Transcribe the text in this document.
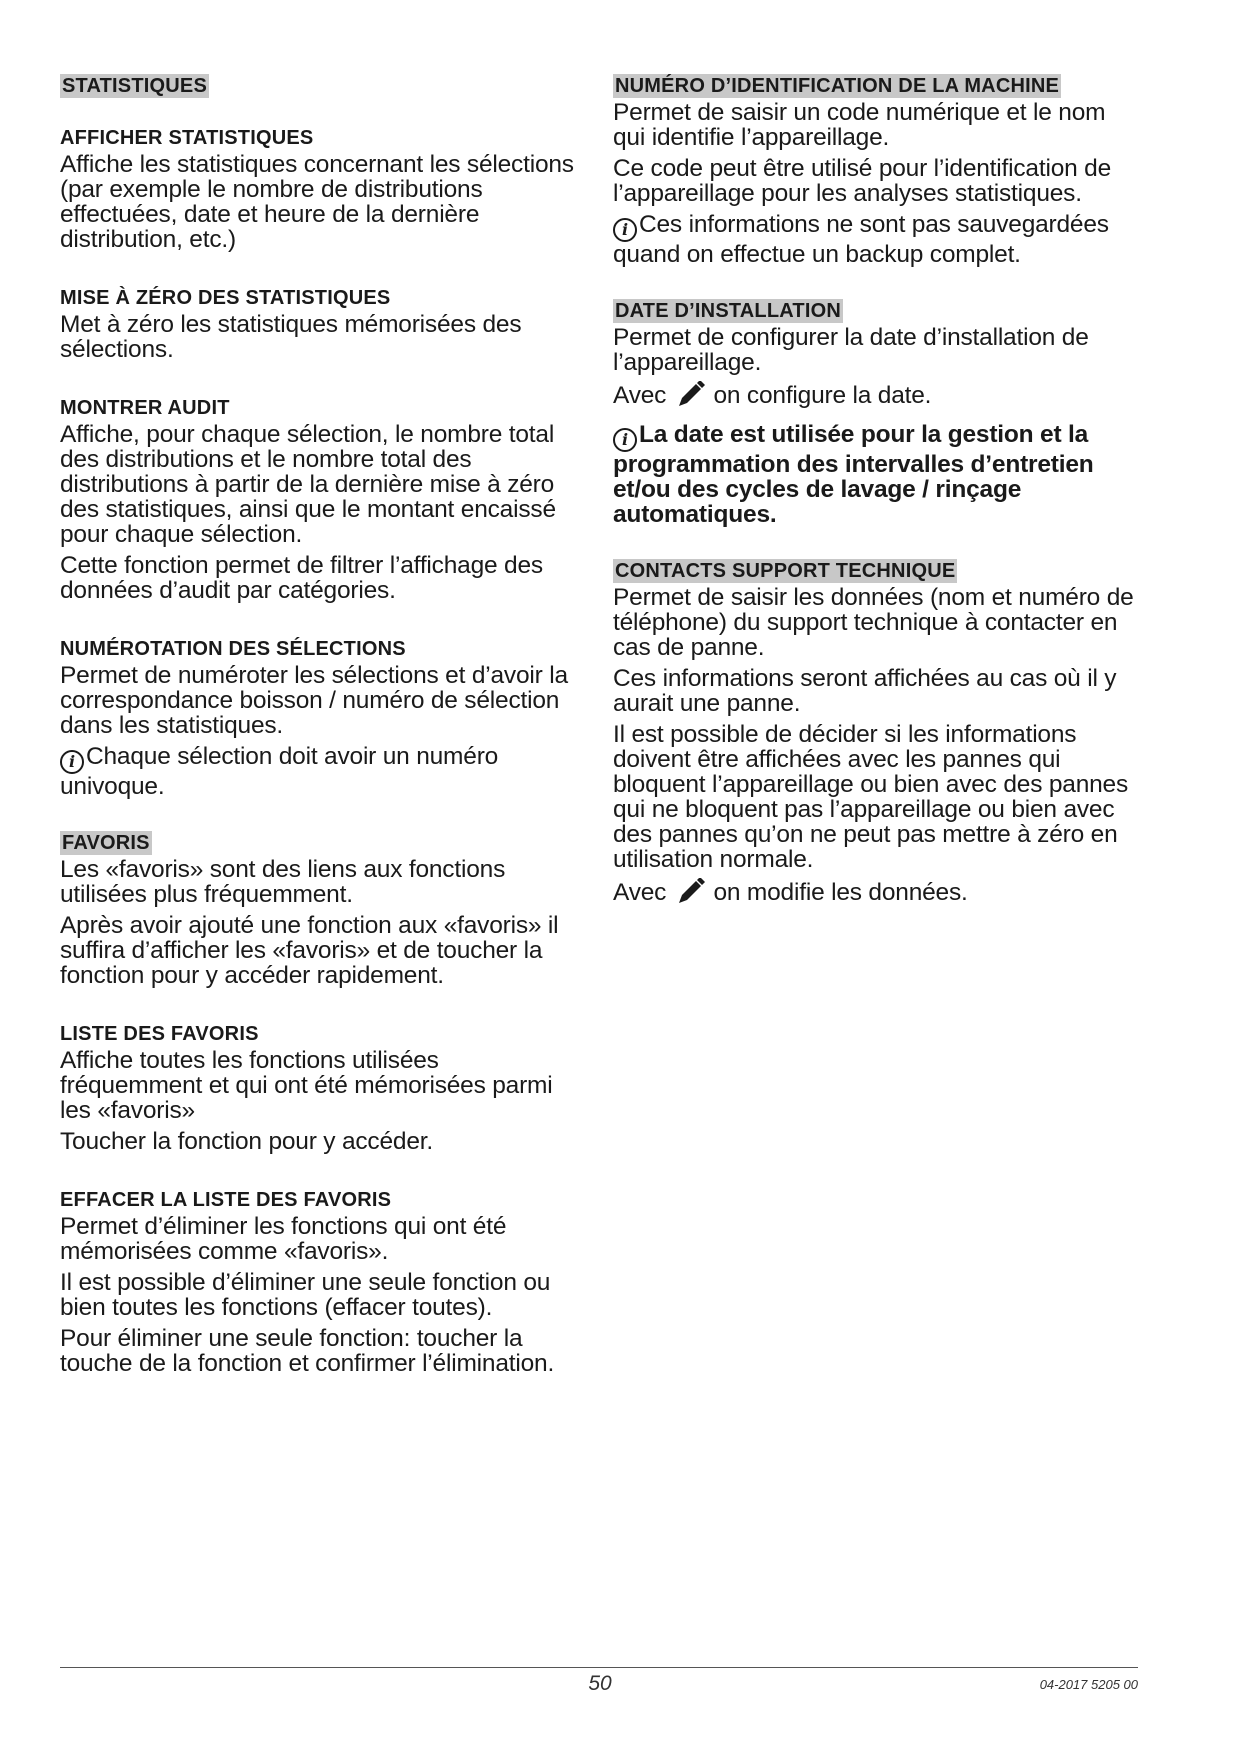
STATISTIQUES
AFFICHER STATISTIQUES

Affiche les statistiques concernant les sélections (par exemple le nombre de distributions effectuées, date et heure de la dernière distribution, etc.)

MISE À ZÉRO DES STATISTIQUES

Met à zéro les statistiques mémorisées des sélections.

MONTRER AUDIT

Affiche, pour chaque sélection, le nombre total des distributions et le nombre total des distributions à partir de la dernière mise à zéro des statistiques, ainsi que le montant encaissé pour chaque sélection.

Cette fonction permet de filtrer l’affichage des données d’audit par catégories.

NUMÉROTATION DES SÉLECTIONS

Permet de numéroter les sélections et d’avoir la correspondance boisson / numéro de sélection dans les statistiques.

i Chaque sélection doit avoir un numéro univoque.

FAVORIS

Les «favoris» sont des liens aux fonctions utilisées plus fréquemment.

Après avoir ajouté une fonction aux «favoris» il suffira d’afficher les «favoris» et de toucher la fonction pour y accéder rapidement.

LISTE DES FAVORIS

Affiche toutes les fonctions utilisées fréquemment et qui ont été mémorisées parmi les «favoris»

Toucher la fonction pour y accéder.

EFFACER LA LISTE DES FAVORIS

Permet d’éliminer les fonctions qui ont été mémorisées comme «favoris».

Il est possible d’éliminer une seule fonction ou bien toutes les fonctions (effacer toutes).

Pour éliminer une seule fonction: toucher la touche de la fonction et confirmer l’élimination.

NUMÉRO D’IDENTIFICATION DE LA MACHINE

Permet de saisir un code numérique et le nom qui identifie l’appareillage.

Ce code peut être utilisé pour l’identification de l’appareillage pour les analyses statistiques.

i Ces informations ne sont pas sauvegardées quand on effectue un backup complet.

DATE D’INSTALLATION

Permet de configurer la date d’installation de l’appareillage.

Avec on configure la date.

i La date est utilisée pour la gestion et la programmation des intervalles d’entretien et/ou des cycles de lavage / rinçage automatiques.

CONTACTS SUPPORT TECHNIQUE

Permet de saisir les données (nom et numéro de téléphone) du support technique à contacter en cas de panne.

Ces informations seront affichées au cas où il y aurait une panne.

Il est possible de décider si les informations doivent être affichées avec les pannes qui bloquent l’appareillage ou bien avec des pannes qui ne bloquent pas l’appareillage ou bien avec des pannes qu’on ne peut pas mettre à zéro en utilisation normale.

Avec on modifie les données.

50	04-2017 5205 00
